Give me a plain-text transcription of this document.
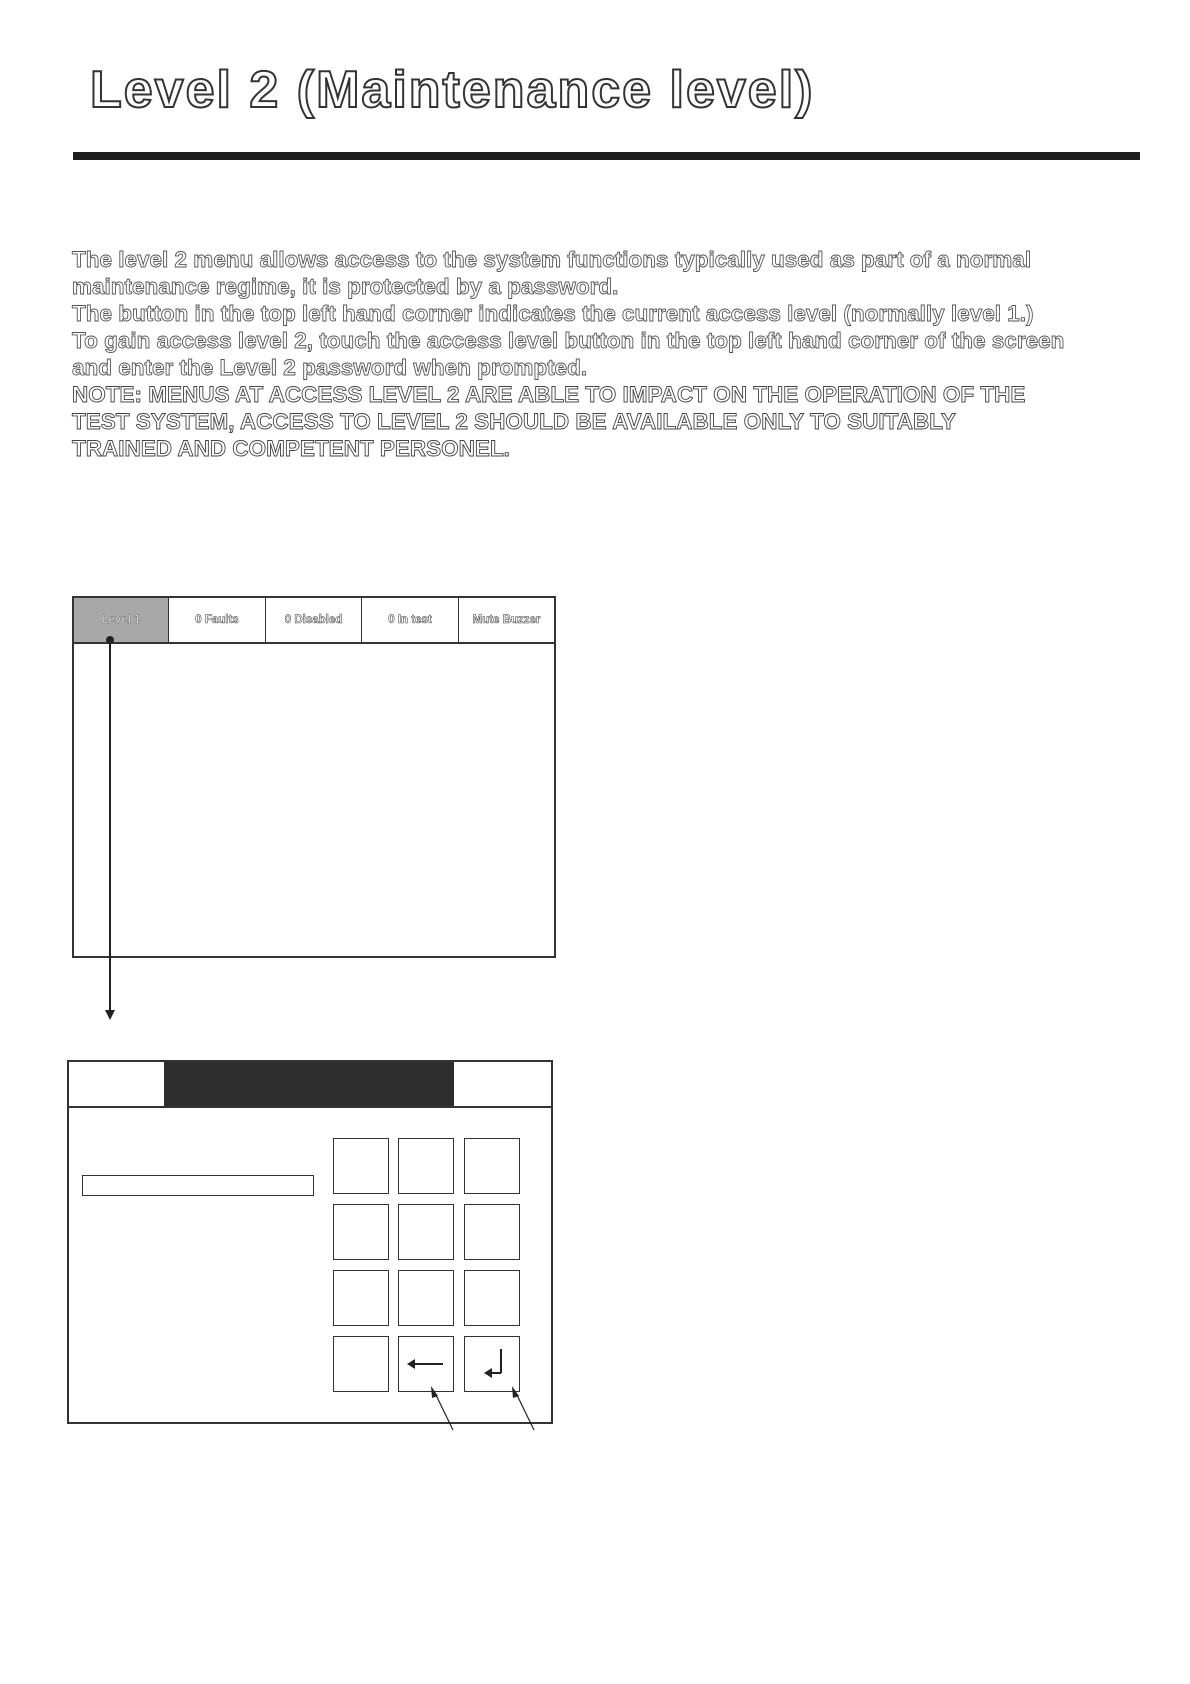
Level 2 (Maintenance level)

The level 2 menu allows access to the system functions typically used as part of a normal

maintenance regime, it is protected by a password.

The button in the top left hand corner indicates the current access level (normally level 1.)

To gain access level 2, touch the access level button in the top left hand corner of the screen

and enter the Level 2 password when prompted.

NOTE: MENUS AT ACCESS LEVEL 2 ARE ABLE TO IMPACT ON THE OPERATION OF THE

TEST SYSTEM, ACCESS TO LEVEL 2 SHOULD BE AVAILABLE ONLY TO SUITABLY

TRAINED AND COMPETENT PERSONEL.

Level 1	0 Faults	0 Disabled	0 In test	Mute Buzzer
